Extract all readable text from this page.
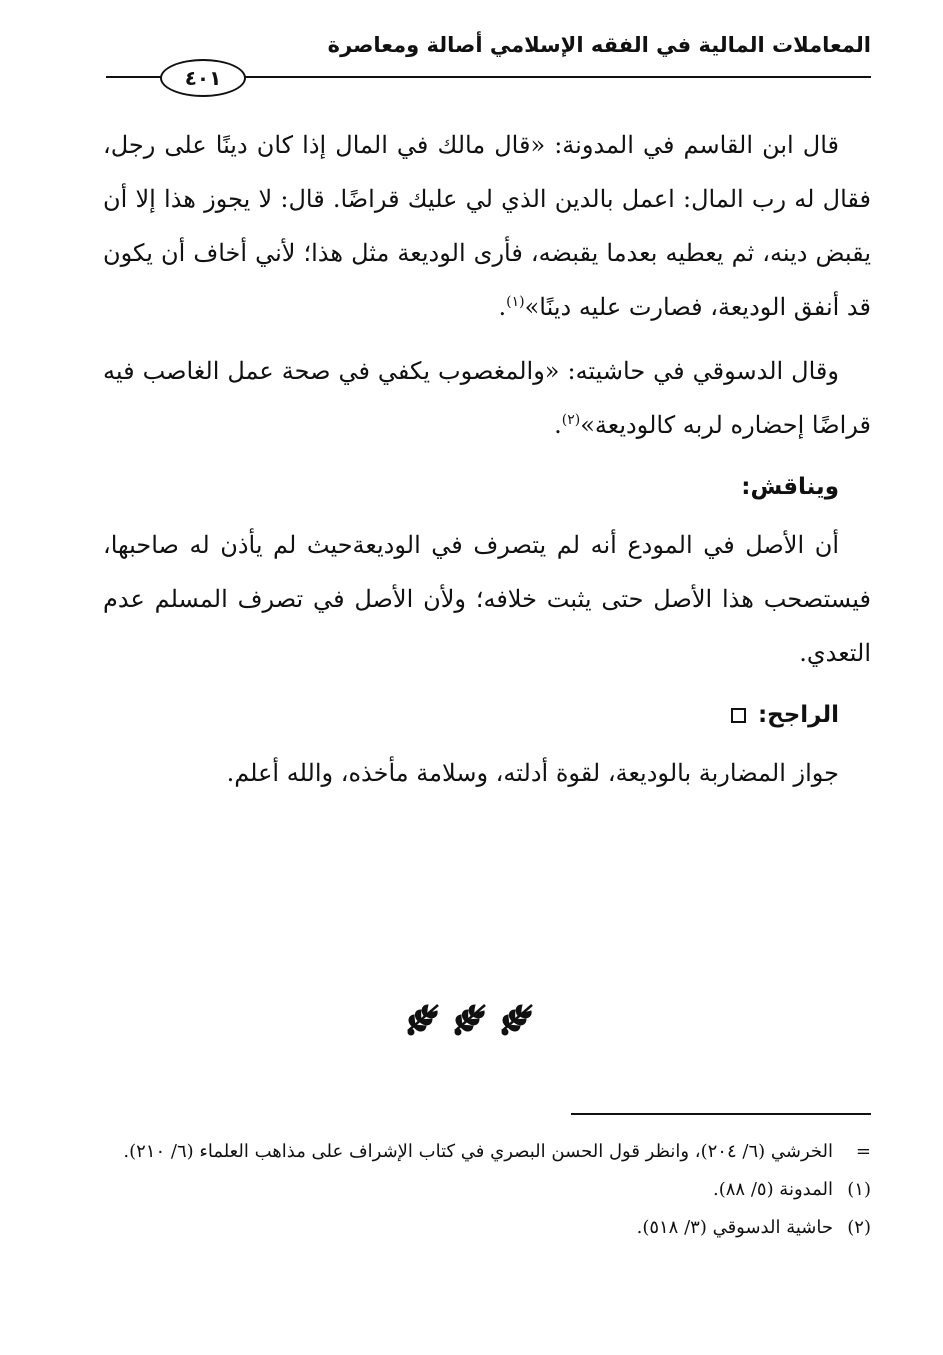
المعاملات المالية في الفقه الإسلامي أصالة ومعاصرة
٤٠١

قال ابن القاسم في المدونة: «قال مالك في المال إذا كان دينًا على رجل، فقال له رب المال: اعمل بالدين الذي لي عليك قراضًا. قال: لا يجوز هذا إلا أن يقبض دينه، ثم يعطيه بعدما يقبضه، فأرى الوديعة مثل هذا؛ لأني أخاف أن يكون قد أنفق الوديعة، فصارت عليه دينًا»$^{(١)}$.

وقال الدسوقي في حاشيته: «والمغصوب يكفي في صحة عمل الغاصب فيه قراضًا إحضاره لربه كالوديعة»$^{(٢)}$.

ويناقش:

أن الأصل في المودع أنه لم يتصرف في الوديعةحيث لم يأذن له صاحبها، فيستصحب هذا الأصل حتى يثبت خلافه؛ ولأن الأصل في تصرف المسلم عدم التعدي.

الراجح:

جواز المضاربة بالوديعة، لقوة أدلته، وسلامة مأخذه، والله أعلم.

=
الخرشي (٦/ ٢٠٤)، وانظر قول الحسن البصري في كتاب الإشراف على مذاهب العلماء (٦/ ٢١٠).

(١)
المدونة (٥/ ٨٨).

(٢)
حاشية الدسوقي (٣/ ٥١٨).
